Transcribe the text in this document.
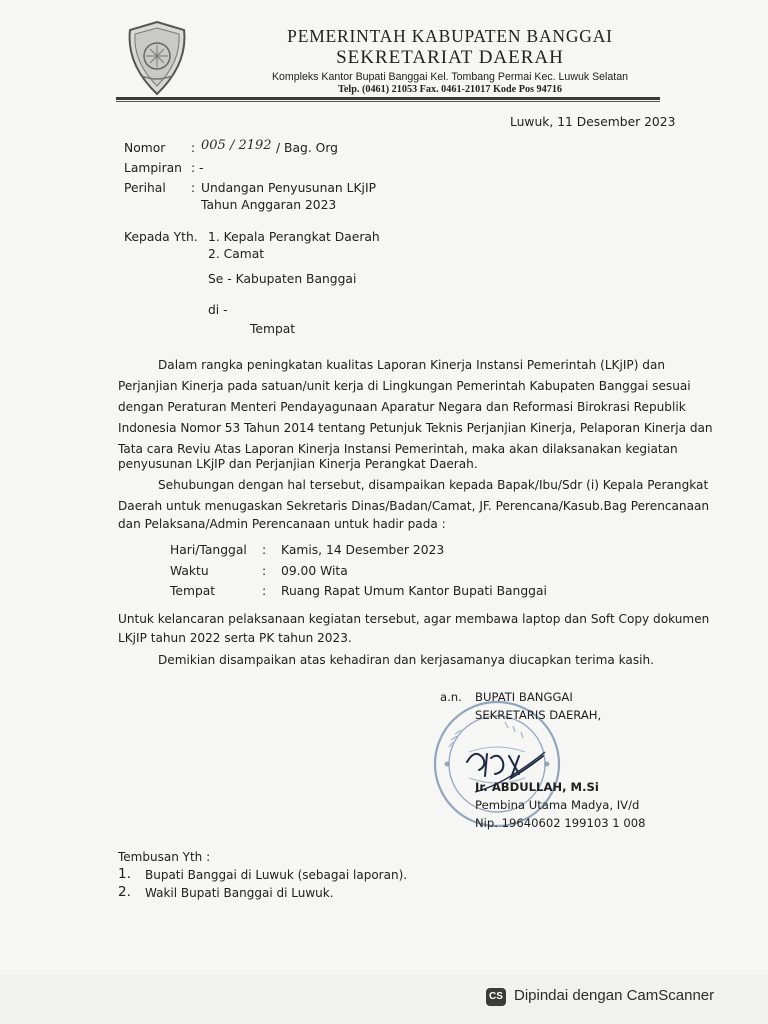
PEMERINTAH KABUPATEN BANGGAI
SEKRETARIAT DAERAH
Kompleks Kantor Bupati Banggai Kel. Tombang Permai Kec. Luwuk Selatan
Telp. (0461) 21053 Fax. 0461-21017 Kode Pos 94716
Luwuk, 11 Desember 2023
Nomor : 005 / 2192 / Bag. Org
Lampiran : -
Perihal : Undangan Penyusunan LKjIP
Tahun Anggaran 2023
Kepada Yth. 1. Kepala Perangkat Daerah
2. Camat
Se - Kabupaten Banggai
di -
Tempat
Dalam rangka peningkatan kualitas Laporan Kinerja Instansi Pemerintah (LKjIP) dan
Perjanjian Kinerja pada satuan/unit kerja di Lingkungan Pemerintah Kabupaten Banggai sesuai
dengan Peraturan Menteri Pendayagunaan Aparatur Negara dan Reformasi Birokrasi Republik
Indonesia Nomor 53 Tahun 2014 tentang Petunjuk Teknis Perjanjian Kinerja, Pelaporan Kinerja dan
Tata cara Reviu Atas Laporan Kinerja Instansi Pemerintah, maka akan dilaksanakan kegiatan
penyusunan LKjIP dan Perjanjian Kinerja Perangkat Daerah.
Sehubungan dengan hal tersebut, disampaikan kepada Bapak/Ibu/Sdr (i) Kepala Perangkat
Daerah untuk menugaskan Sekretaris Dinas/Badan/Camat, JF. Perencana/Kasub.Bag Perencanaan
dan Pelaksana/Admin Perencanaan untuk hadir pada :
Hari/Tanggal : Kamis, 14 Desember 2023
Waktu	: 09.00 Wita
Tempat	: Ruang Rapat Umum Kantor Bupati Banggai
Untuk kelancaran pelaksanaan kegiatan tersebut, agar membawa laptop dan Soft Copy dokumen
LKjIP tahun 2022 serta PK tahun 2023.
Demikian disampaikan atas kehadiran dan kerjasamanya diucapkan terima kasih.
a.n. BUPATI BANGGAI
SEKRETARIS DAERAH,
Ir. ABDULLAH, M.Si
Pembina Utama Madya, IV/d
Nip. 19640602 199103 1 008
Tembusan Yth :
1. Bupati Banggai di Luwuk (sebagai laporan).
2. Wakil Bupati Banggai di Luwuk.
CS Dipindai dengan CamScanner
